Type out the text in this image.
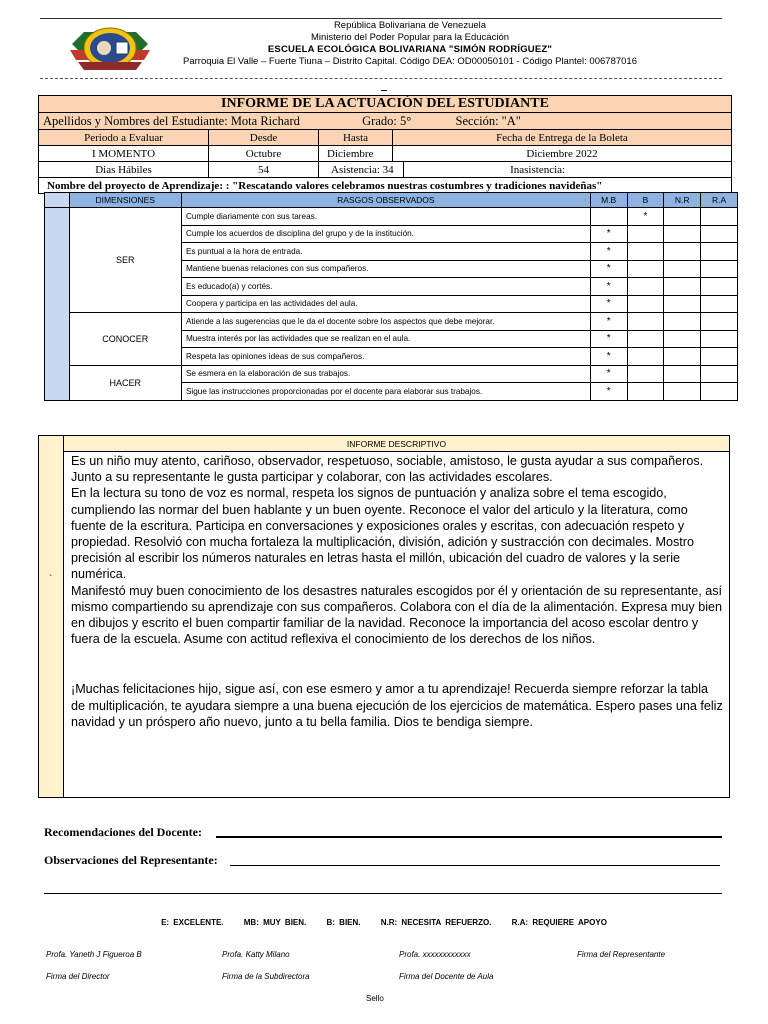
República Bolivariana de Venezuela
Ministerio del Poder Popular para la Educación
ESCUELA ECOLÓGICA BOLIVARIANA "SIMÓN RODRÍGUEZ"
Parroquia El Valle – Fuerte Tiuna – Distrito Capital. Código DEA: OD00050101 - Código Plantel: 006787016
INFORME DE LA ACTUACIÓN DEL ESTUDIANTE				
Apellidos y Nombres del Estudiante: Mota Richard Grado: 5° Sección: "A"				
Periodo a Evaluar	Desde	Hasta	Fecha de Entrega de la Boleta	
I MOMENTO	Octubre	Diciembre	Diciembre 2022	
Dias Hábiles	54	Asistencia: 34		Inasistencia:
Nombre del proyecto de Aprendizaje: : "Rescatando valores celebramos nuestras costumbres y tradiciones navideñas"				
	DIMENSIONES	RASGOS OBSERVADOS	M.B	B	N.R	R.A
	SER	Cumple diariamente con sus tareas.		*		
		Cumple los acuerdos de disciplina del grupo y de la institución.	*			
		Es puntual a la hora de entrada.	*			
		Mantiene buenas relaciones con sus compañeros.	*			
		Es educado(a) y cortés.	*			
		Coopera y participa en las actividades del aula.	*			
	CONOCER	Atiende a las sugerencias que le da el docente sobre los aspectos que debe mejorar.	*			
		Muestra interés por las actividades que se realizan en el aula.	*			
		Respeta las opiniones ideas de sus compañeros.	*			
	HACER	Se esmera en la elaboración de sus trabajos.	*			
		Sigue las instrucciones proporcionadas por el docente para elaborar sus trabajos.	*			
`
INFORME DESCRIPTIVO

Es un niño muy atento, cariñoso, observador, respetuoso, sociable, amistoso, le gusta ayudar a sus compañeros. Junto a su representante le gusta participar y colaborar, con las actividades escolares.

En la lectura su tono de voz es normal, respeta los signos de puntuación y analiza sobre el tema escogido, cumpliendo las normar del buen hablante y un buen oyente. Reconoce el valor del articulo y la literatura, como fuente de la escritura. Participa en conversaciones y exposiciones orales y escritas, con adecuación respeto y propiedad. Resolvió con mucha fortaleza la multiplicación, división, adición y sustracción con decimales. Mostro precisión al escribir los números naturales en letras hasta el millón, ubicación del cuadro de valores y la serie numérica.

Manifestó muy buen conocimiento de los desastres naturales escogidos por él y orientación de su representante, así mismo compartiendo su aprendizaje con sus compañeros. Colabora con el día de la alimentación. Expresa muy bien en dibujos y escrito el buen compartir familiar de la navidad. Reconoce la importancia del acoso escolar dentro y fuera de la escuela. Asume con actitud reflexiva el conocimiento de los derechos de los niños.

¡Muchas felicitaciones hijo, sigue así, con ese esmero y amor a tu aprendizaje! Recuerda siempre reforzar la tabla de multiplicación, te ayudara siempre a una buena ejecución de los ejercicios de matemática. Espero pases una feliz navidad y un próspero año nuevo, junto a tu bella familia. Dios te bendiga siempre.

Recomendaciones del Docente:
Observaciones del Representante:
E: EXCELENTE.	MB: MUY BIEN.	B: BIEN.	N.R: NECESITA REFUERZO.	R.A: REQUIERE APOYO
Profa. Yaneth J Figueroa B
Firma del Director
Profa. Katty Milano
Firma de la Subdirectora
Profa. xxxxxxxxxxxx
Firma del Docente de Aula
Firma del Representante
Sello
